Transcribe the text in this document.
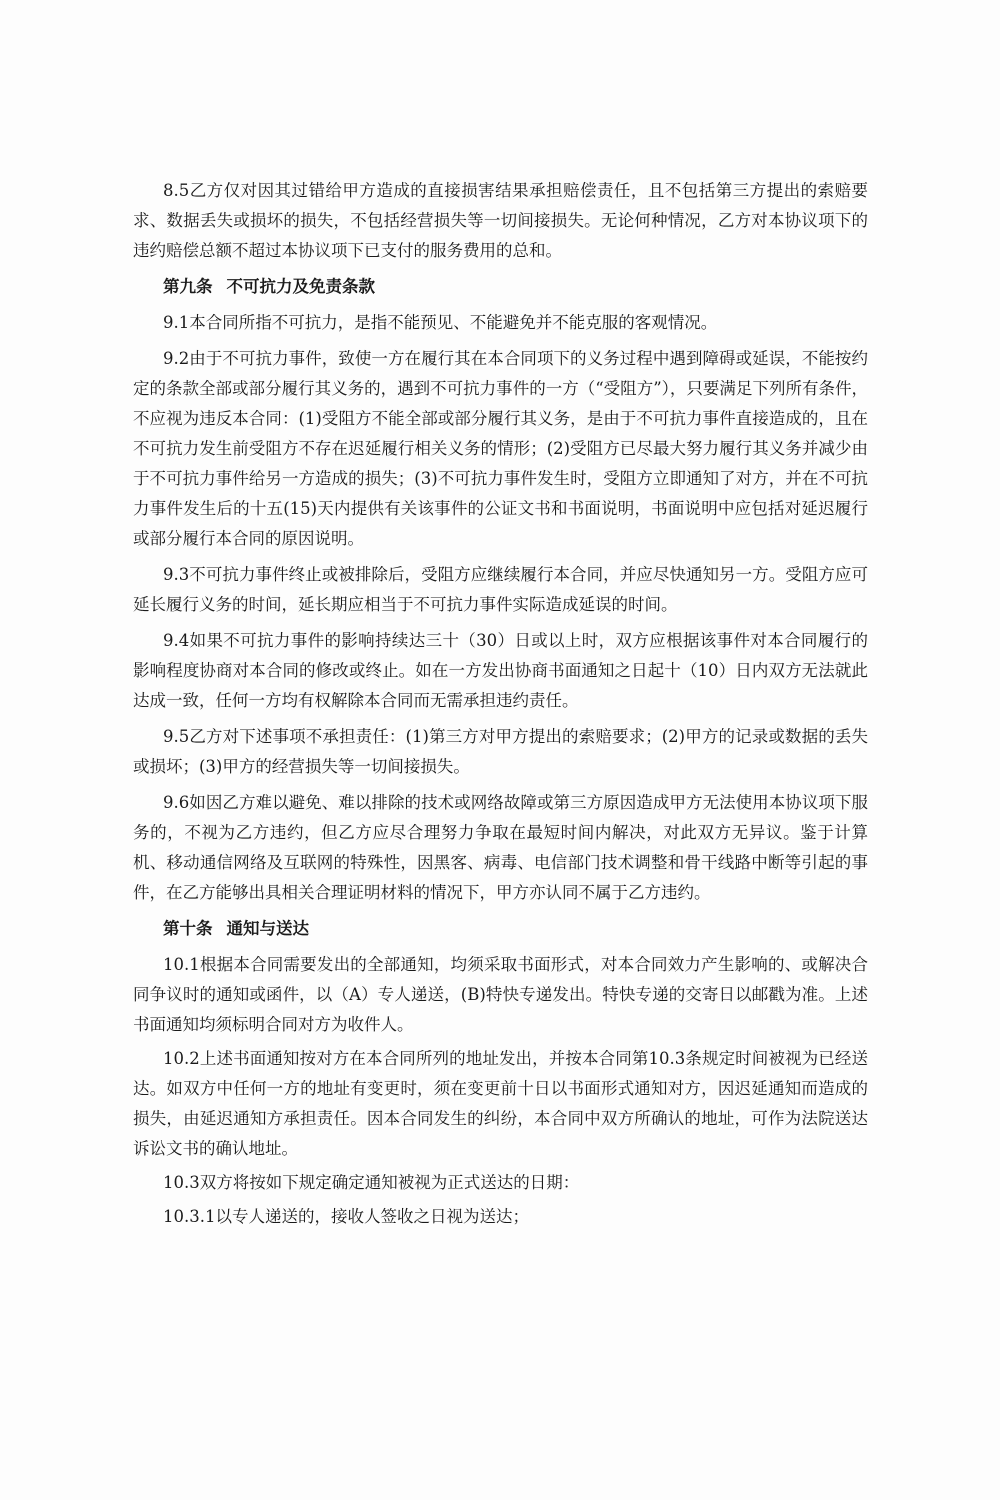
8.5乙方仅对因其过错给甲方造成的直接损害结果承担赔偿责任，且不包括第三方提出的索赔要求、数据丢失或损坏的损失，不包括经营损失等一切间接损失。无论何种情况，乙方对本协议项下的违约赔偿总额不超过本协议项下已支付的服务费用的总和。

第九条 不可抗力及免责条款

9.1本合同所指不可抗力，是指不能预见、不能避免并不能克服的客观情况。

9.2由于不可抗力事件，致使一方在履行其在本合同项下的义务过程中遇到障碍或延误，不能按约定的条款全部或部分履行其义务的，遇到不可抗力事件的一方（“受阻方”），只要满足下列所有条件，不应视为违反本合同：(1)受阻方不能全部或部分履行其义务，是由于不可抗力事件直接造成的，且在不可抗力发生前受阻方不存在迟延履行相关义务的情形；(2)受阻方已尽最大努力履行其义务并减少由于不可抗力事件给另一方造成的损失；(3)不可抗力事件发生时，受阻方立即通知了对方，并在不可抗力事件发生后的十五(15)天内提供有关该事件的公证文书和书面说明，书面说明中应包括对延迟履行或部分履行本合同的原因说明。

9.3不可抗力事件终止或被排除后，受阻方应继续履行本合同，并应尽快通知另一方。受阻方应可延长履行义务的时间，延长期应相当于不可抗力事件实际造成延误的时间。

9.4如果不可抗力事件的影响持续达三十（30）日或以上时，双方应根据该事件对本合同履行的影响程度协商对本合同的修改或终止。如在一方发出协商书面通知之日起十（10）日内双方无法就此达成一致，任何一方均有权解除本合同而无需承担违约责任。

9.5乙方对下述事项不承担责任：(1)第三方对甲方提出的索赔要求；(2)甲方的记录或数据的丢失或损坏；(3)甲方的经营损失等一切间接损失。

9.6如因乙方难以避免、难以排除的技术或网络故障或第三方原因造成甲方无法使用本协议项下服务的，不视为乙方违约，但乙方应尽合理努力争取在最短时间内解决，对此双方无异议。鉴于计算机、移动通信网络及互联网的特殊性，因黑客、病毒、电信部门技术调整和骨干线路中断等引起的事件，在乙方能够出具相关合理证明材料的情况下，甲方亦认同不属于乙方违约。

第十条 通知与送达

10.1根据本合同需要发出的全部通知，均须采取书面形式，对本合同效力产生影响的、或解决合同争议时的通知或函件，以（A）专人递送，(B)特快专递发出。特快专递的交寄日以邮戳为准。上述书面通知均须标明合同对方为收件人。

10.2上述书面通知按对方在本合同所列的地址发出，并按本合同第10.3条规定时间被视为已经送达。如双方中任何一方的地址有变更时，须在变更前十日以书面形式通知对方，因迟延通知而造成的损失，由延迟通知方承担责任。因本合同发生的纠纷，本合同中双方所确认的地址，可作为法院送达诉讼文书的确认地址。

10.3双方将按如下规定确定通知被视为正式送达的日期：

10.3.1以专人递送的，接收人签收之日视为送达；
